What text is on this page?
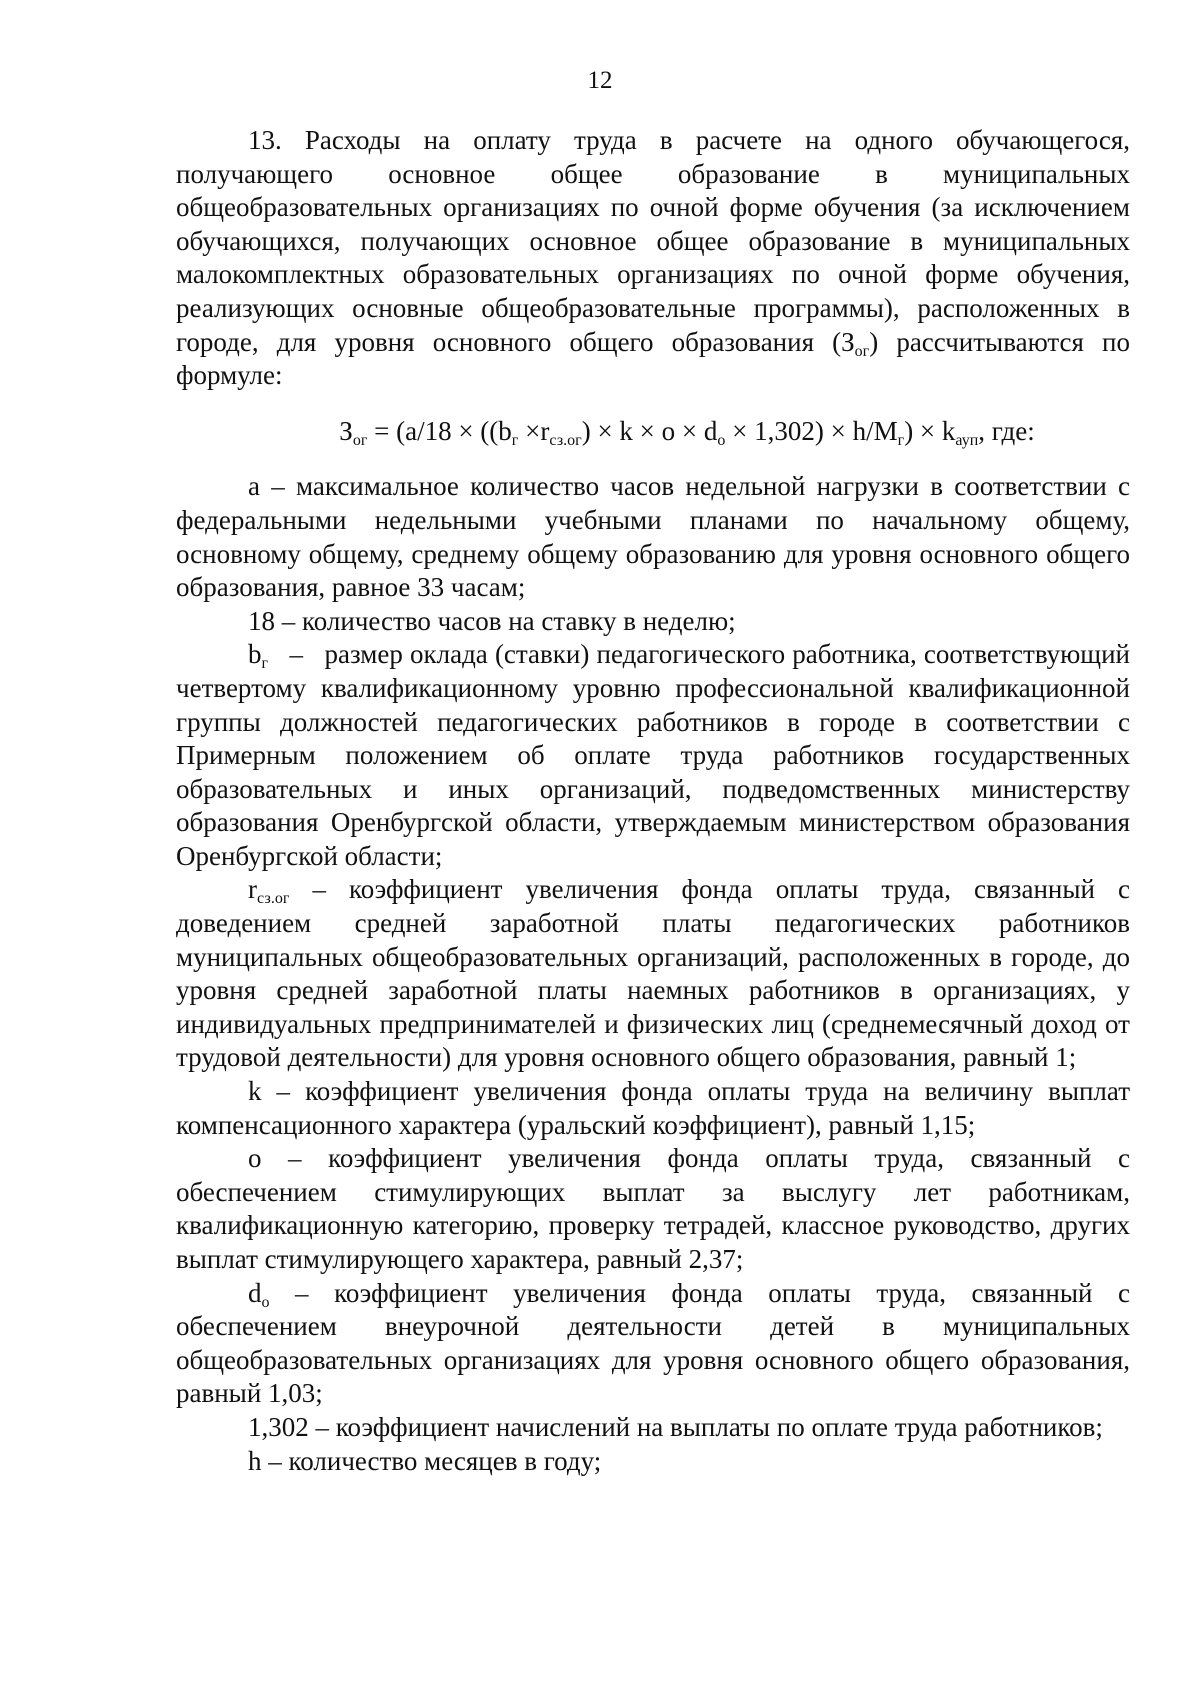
12

13. Расходы на оплату труда в расчете на одного обучающегося, получающего основное общее образование в муниципальных общеобразовательных организациях по очной форме обучения (за исключением обучающихся, получающих основное общее образование в муниципальных малокомплектных образовательных организациях по очной форме обучения, реализующих основные общеобразовательные программы), расположенных в городе, для уровня основного общего образования $(З_{ог})$ рассчитываются по формуле:

$З_{ог} = (a/18 \times ((b_г \times r_{сз.ог}) \times k \times o \times d_о \times 1,302) \times h/M_г) \times k_{ауп}$, где:

a – максимальное количество часов недельной нагрузки в соответствии с федеральными недельными учебными планами по начальному общему, основному общему, среднему общему образованию для уровня основного общего образования, равное 33 часам;

18 – количество часов на ставку в неделю;

$b_г$   –   размер оклада (ставки) педагогического работника, соответствующий четвертому квалификационному уровню профессиональной квалификационной группы должностей педагогических работников в городе в соответствии с Примерным положением об оплате труда работников государственных образовательных и иных организаций, подведомственных министерству образования Оренбургской области, утверждаемым министерством образования Оренбургской области;

$r_{сз.ог}$ – коэффициент увеличения фонда оплаты труда, связанный с доведением средней заработной платы педагогических работников муниципальных общеобразовательных организаций, расположенных в городе, до уровня средней заработной платы наемных работников в организациях, у индивидуальных предпринимателей и физических лиц (среднемесячный доход от трудовой деятельности) для уровня основного общего образования, равный 1;

k – коэффициент увеличения фонда оплаты труда на величину выплат компенсационного характера (уральский коэффициент), равный 1,15;

o – коэффициент увеличения фонда оплаты труда, связанный с обеспечением стимулирующих выплат за выслугу лет работникам, квалификационную категорию, проверку тетрадей, классное руководство, других выплат стимулирующего характера, равный 2,37;

$d_о$ – коэффициент увеличения фонда оплаты труда, связанный с обеспечением внеурочной деятельности детей в муниципальных общеобразовательных организациях для уровня основного общего образования, равный 1,03;

1,302 – коэффициент начислений на выплаты по оплате труда работников;

h – количество месяцев в году;
